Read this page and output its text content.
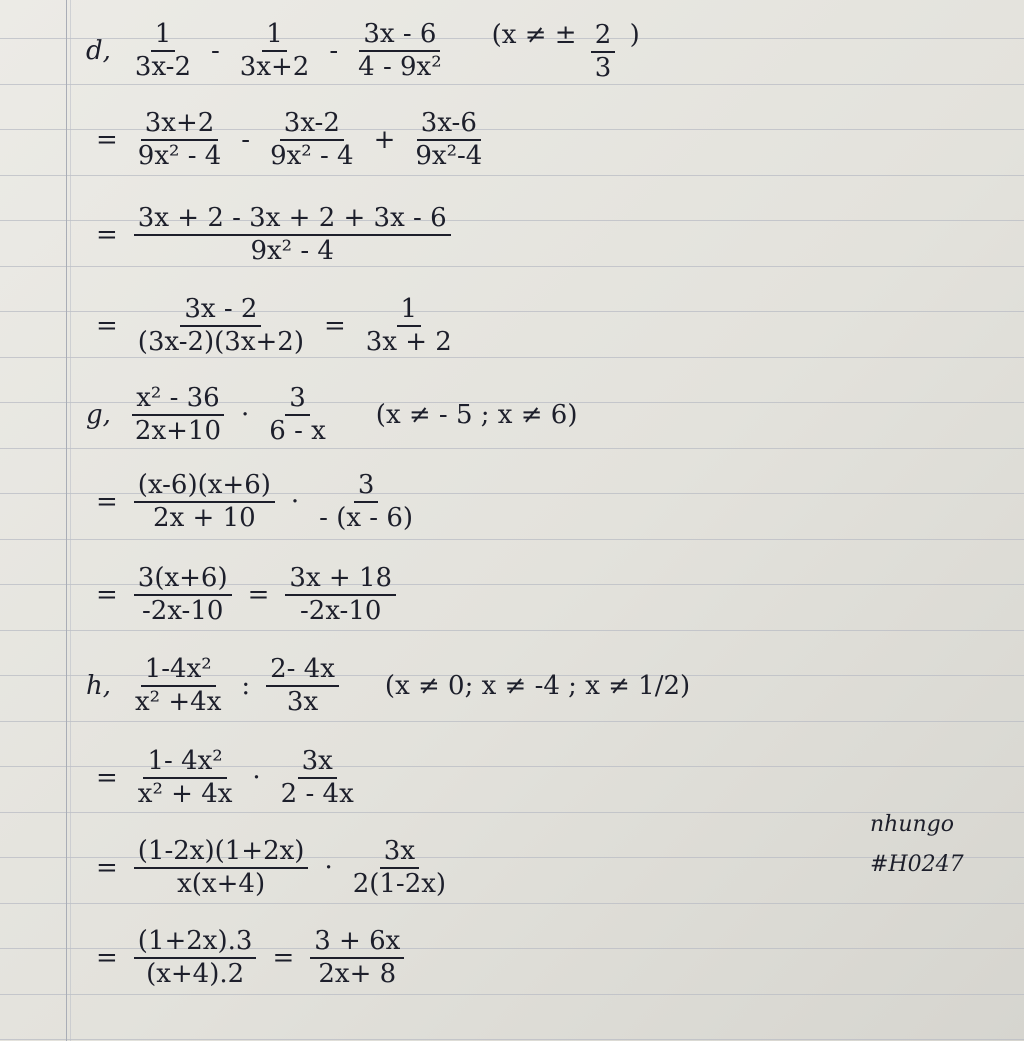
d, $\frac{1}{3x-2} - \frac{1}{3x+2} - \frac{3x - 6}{\text{4 - 9x²}} (x$ ≠ ± $\frac{2}{3}$ )
= $\frac{3x+2}{\text{9x² - 4}} - \frac{3x-2}{\text{9x² - 4}} + \frac{3x-6}{\text{9x²-4}}$
= $\frac{3x + 2 - 3x + 2 + 3x - 6}{\text{9x² - 4}}$
= $\frac{3x - 2}{(3x-2)(3x+2)} = \frac{1}{3x + 2}$
g, $\frac{\text{x² - 36}}{2x+10} \cdot \frac{3}{6 - x} (x$ ≠ - 5 ; x ≠ 6)
= $\frac{(x-6)(x+6)}{2x + 10} \cdot \frac{3}{- (x - 6)}$
= $\frac{3(x+6)}{-2x-10} = \frac{3x + 18}{-2x-10}$
h, $\frac{\text{1-4x²}}{\text{x² +4x}}$ : $\frac{2- 4x}{3x} (x \ne 0$; x ≠ -4 ; x ≠ 1/2)
= $\frac{\text{1- 4x²}}{\text{x² + 4x}} \cdot \frac{3x}{2 - 4x}$
= $\frac{(1-2x)(1+2x)}{x(x+4)} \cdot \frac{3x}{2(1-2x)}$
= $\frac{(1+2x).3}{(x+4).2} = \frac{3 + 6x}{2x+ 8}$
nhungo
#H0247
